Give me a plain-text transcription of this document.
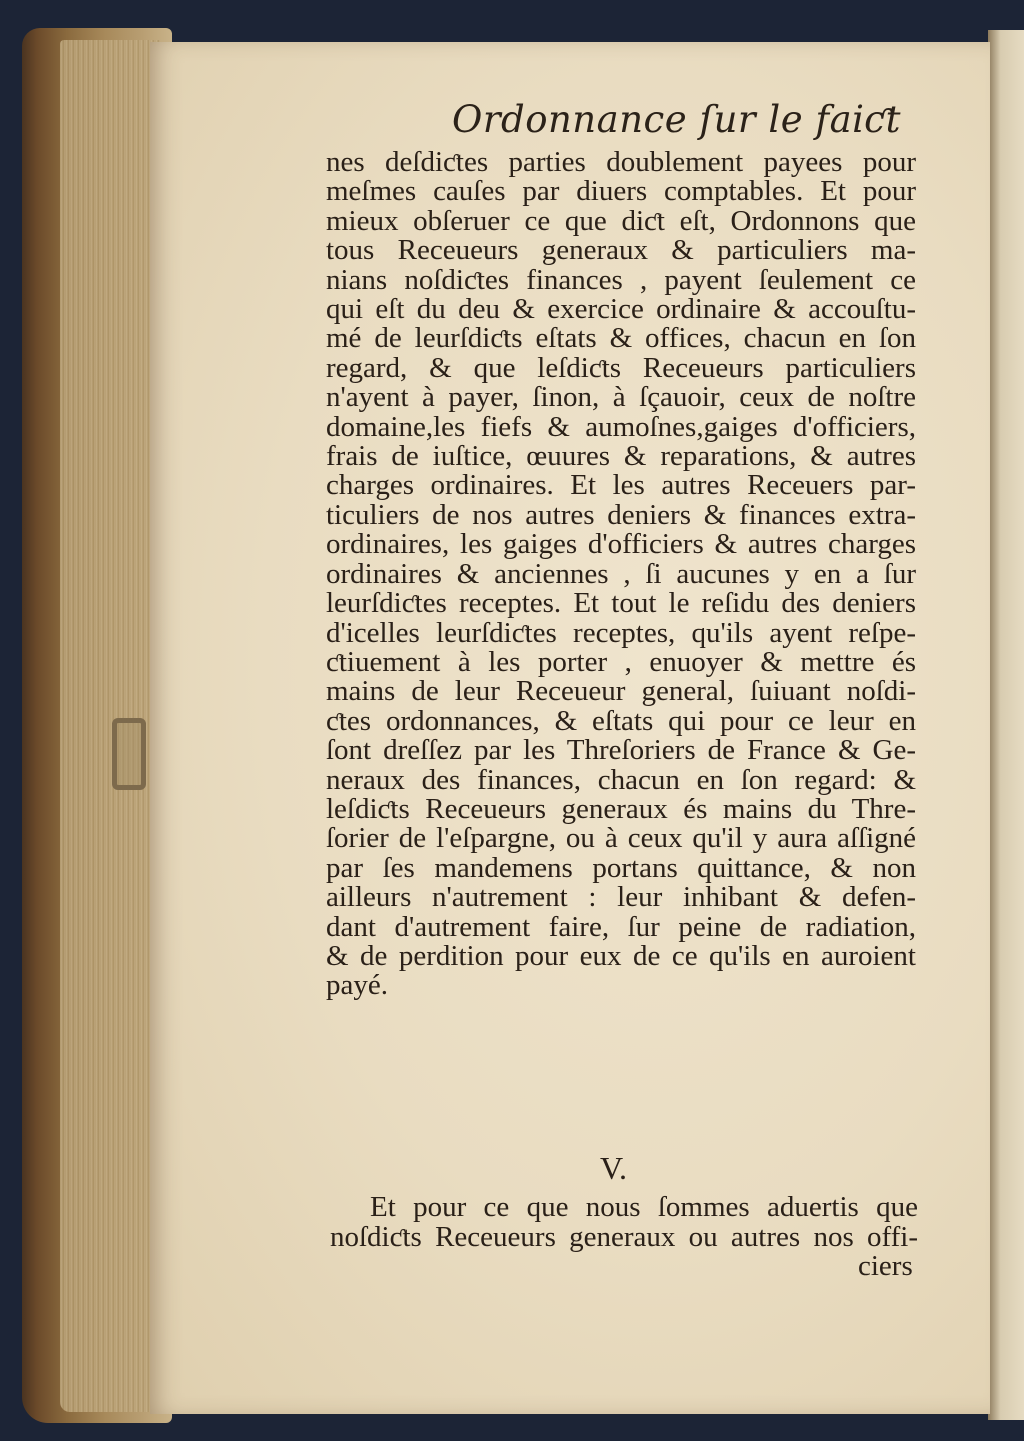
Ordonnance ſur le faiƈt
nes deſdiƈtes parties doublement payees pour
meſmes cauſes par diuers comptables. Et pour
mieux obſeruer ce que diƈt eſt, Ordonnons que
tous Receueurs generaux & particuliers ma-
nians noſdiƈtes finances , payent ſeulement ce
qui eſt du deu & exercice ordinaire & accouſtu-
mé de leurſdiƈts eſtats & offices, chacun en ſon
regard, & que leſdiƈts Receueurs particuliers
n'ayent à payer, ſinon, à ſçauoir, ceux de noſtre
domaine,les fiefs & aumoſnes,gaiges d'officiers,
frais de iuſtice, œuures & reparations, & autres
charges ordinaires. Et les autres Receuers par-
ticuliers de nos autres deniers & finances extra-
ordinaires, les gaiges d'officiers & autres charges
ordinaires & anciennes , ſi aucunes y en a ſur
leurſdiƈtes receptes. Et tout le reſidu des deniers
d'icelles leurſdiƈtes receptes, qu'ils ayent reſpe-
ƈtiuement à les porter , enuoyer & mettre és
mains de leur Receueur general, ſuiuant noſdi-
ƈtes ordonnances, & eſtats qui pour ce leur en
ſont dreſſez par les Threſoriers de France & Ge-
neraux des finances, chacun en ſon regard: &
leſdiƈts Receueurs generaux és mains du Thre-
ſorier de l'eſpargne, ou à ceux qu'il y aura aſſigné
par ſes mandemens portans quittance, & non
ailleurs n'autrement : leur inhibant & defen-
dant d'autrement faire, ſur peine de radiation,
& de perdition pour eux de ce qu'ils en auroient
payé.
V.
Et pour ce que nous ſommes aduertis que
noſdiƈts Receueurs generaux ou autres nos offi-
ciers
